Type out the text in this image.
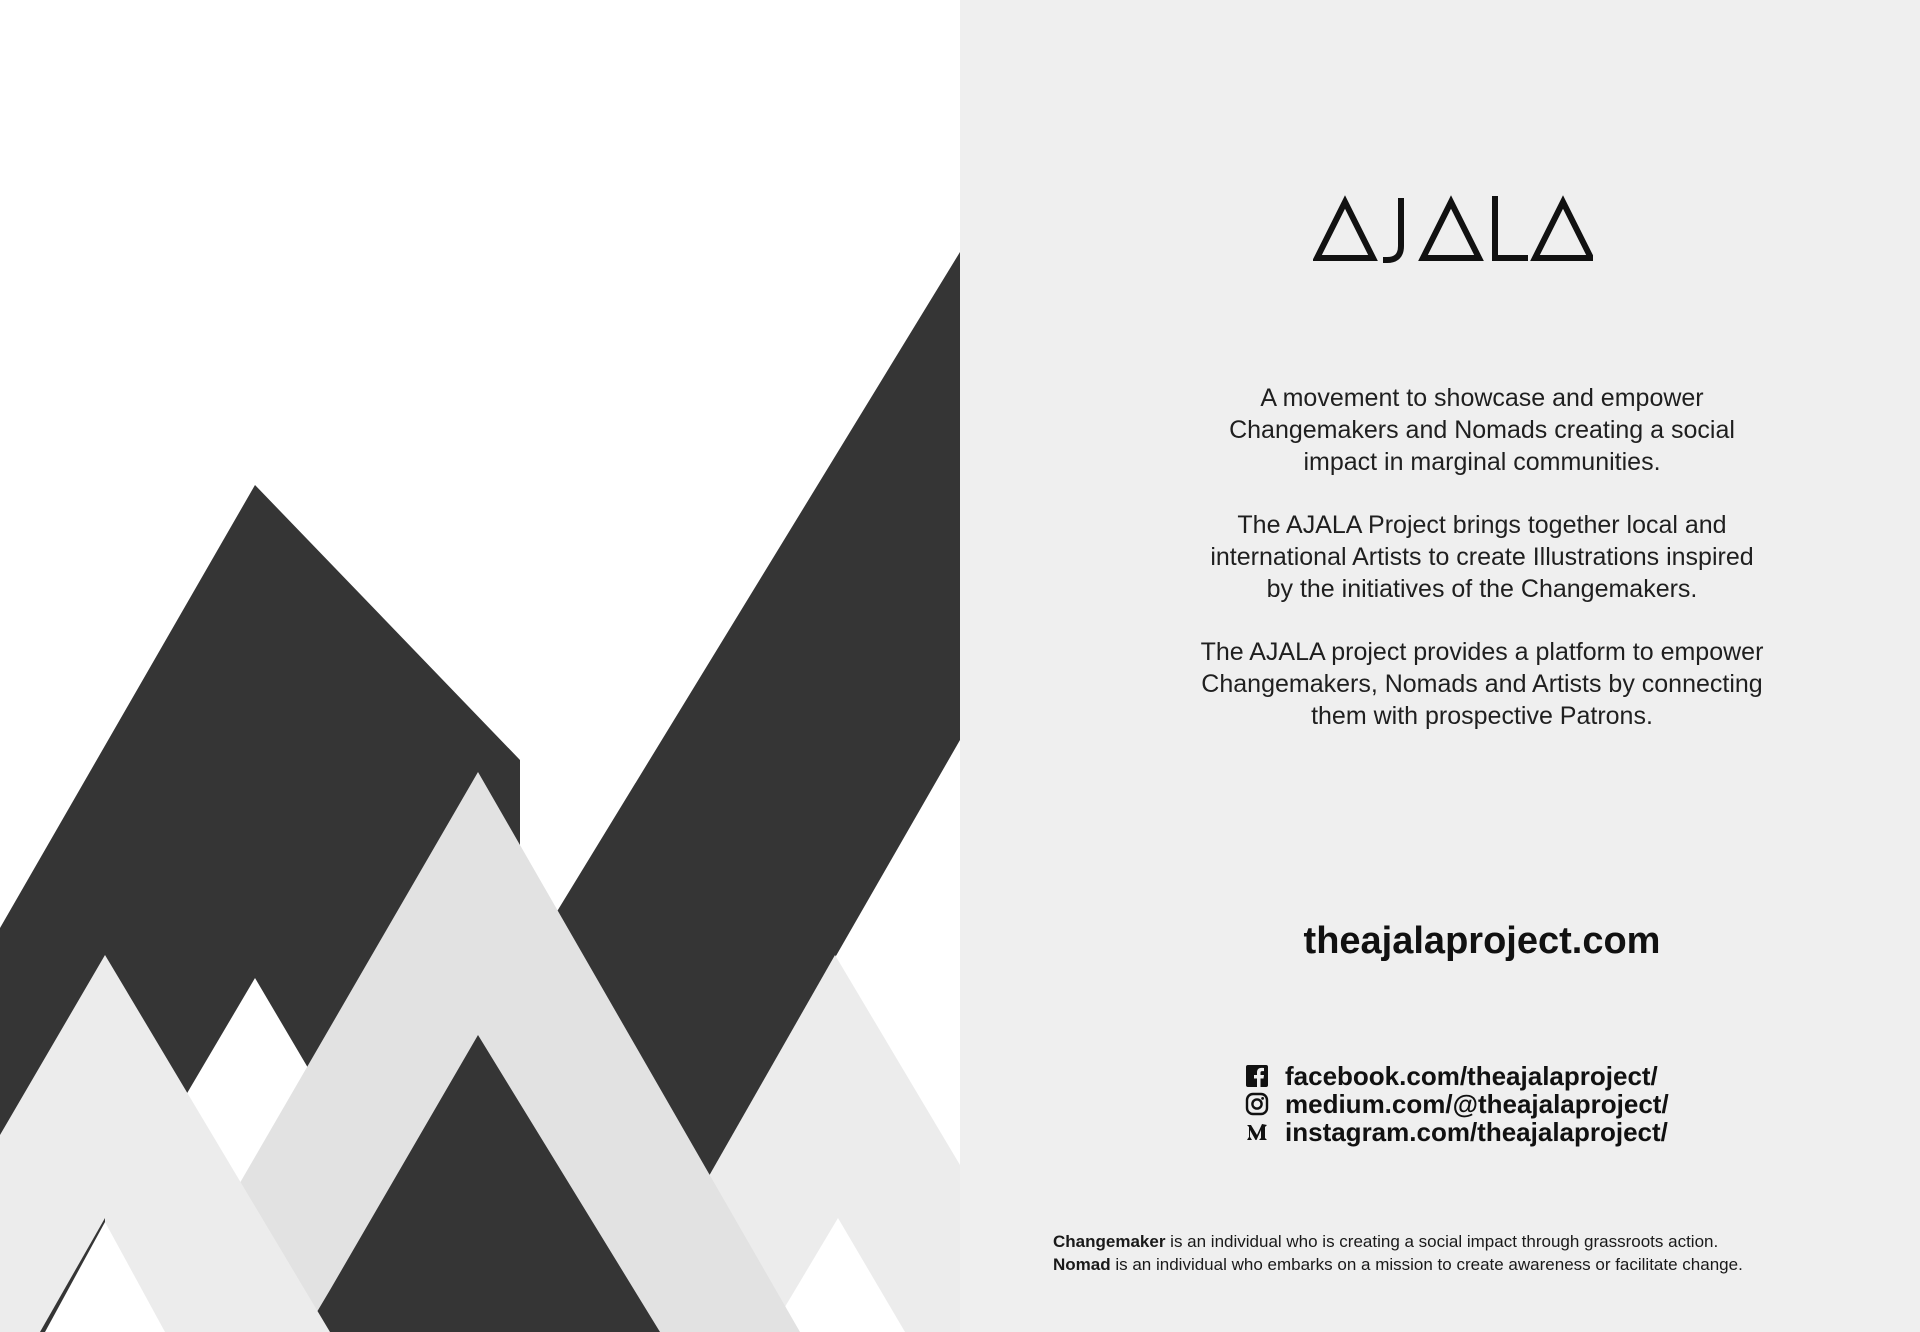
A movement to showcase and empower
Changemakers and Nomads creating a social
impact in marginal communities.

The AJALA Project brings together local and
international Artists to create Illustrations inspired
by the initiatives of the Changemakers.

The AJALA project provides a platform to empower
Changemakers, Nomads and Artists by connecting
them with prospective Patrons.

theajalaproject.com
facebook.com/theajalaproject/
medium.com/@theajalaproject/
instagram.com/theajalaproject/
Changemaker is an individual who is creating a social impact through grassroots action.
Nomad is an individual who embarks on a mission to create awareness or facilitate change.
